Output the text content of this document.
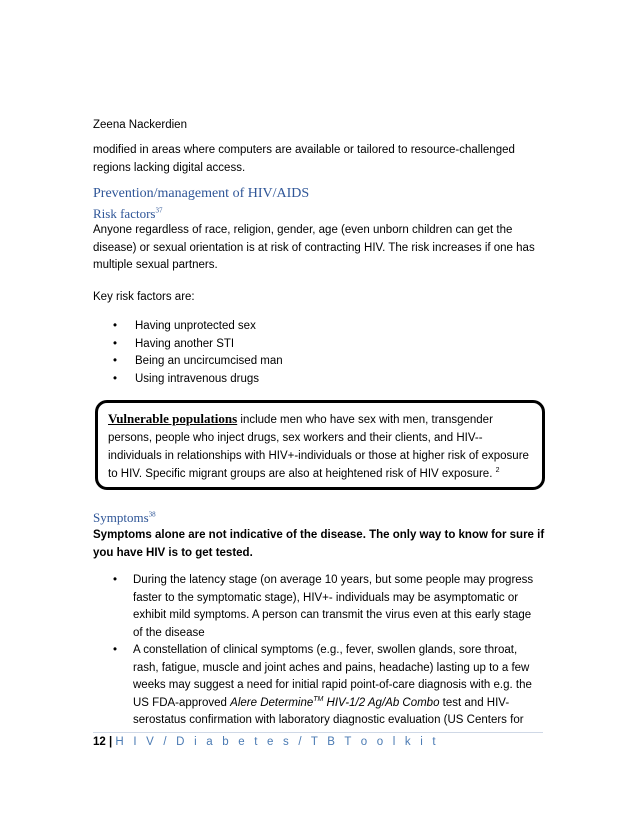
Zeena Nackerdien

modified in areas where computers are available or tailored to resource-challenged regions lacking digital access.

Prevention/management of HIV/AIDS

Risk factors$^{37}$

Anyone regardless of race, religion, gender, age (even unborn children can get the disease) or sexual orientation is at risk of contracting HIV. The risk increases if one has multiple sexual partners.

Key risk factors are:

• Having unprotected sex
• Having another STI
• Being an uncircumcised man
• Using intravenous drugs
Vulnerable populations include men who have sex with men, transgender persons, people who inject drugs, sex workers and their clients, and HIV-- individuals in relationships with HIV+-individuals or those at higher risk of exposure to HIV. Specific migrant groups are also at heightened risk of HIV exposure. $^2$

Symptoms$^{38}$

Symptoms alone are not indicative of the disease. The only way to know for sure if you have HIV is to get tested.

• During the latency stage (on average 10 years, but some people may progress faster to the symptomatic stage), HIV+- individuals may be asymptomatic or exhibit mild symptoms. A person can transmit the virus even at this early stage of the disease
• A constellation of clinical symptoms (e.g., fever, swollen glands, sore throat, rash, fatigue, muscle and joint aches and pains, headache) lasting up to a few weeks may suggest a need for initial rapid point-of-care diagnosis with e.g. the US FDA-approved Alere Determine™ HIV-1/2 Ag/Ab Combo test and HIV-serostatus confirmation with laboratory diagnostic evaluation (US Centers for
12 | H I V / D i a b e t e s / T B T o o l k i t
